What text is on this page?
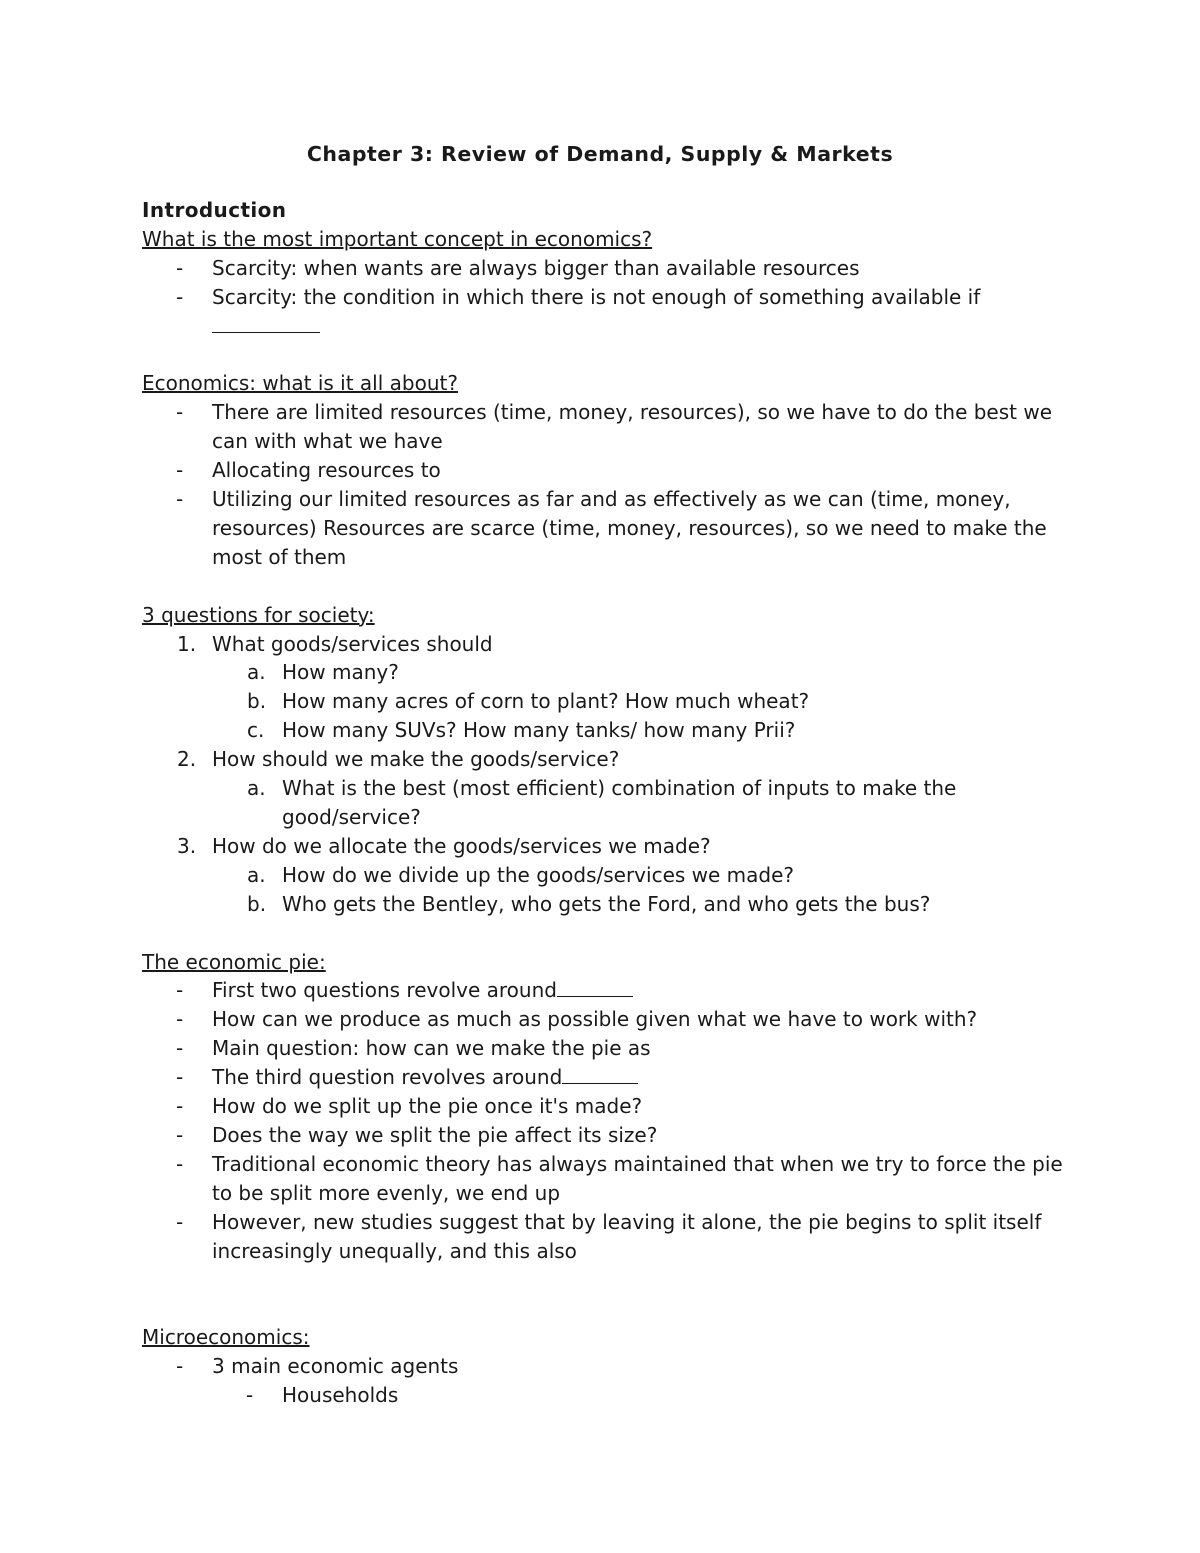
Chapter 3: Review of Demand, Supply & Markets

Introduction

What is the most important concept in economics?

- Scarcity: when wants are always bigger than available resources
- Scarcity: the condition in which there is not enough of something available if

Economics: what is it all about?

- There are limited resources (time, money, resources), so we have to do the best we can with what we have
- Allocating resources to
- Utilizing our limited resources as far and as effectively as we can (time, money, resources) Resources are scarce (time, money, resources), so we need to make the most of them

3 questions for society:

1. What goods/services should
a. How many?
b. How many acres of corn to plant? How much wheat?
c. How many SUVs? How many tanks/ how many Prii?
2. How should we make the goods/service?
a. What is the best (most efficient) combination of inputs to make the good/service?
3. How do we allocate the goods/services we made?
a. How do we divide up the goods/services we made?
b. Who gets the Bentley, who gets the Ford, and who gets the bus?

The economic pie:

- First two questions revolve around
- How can we produce as much as possible given what we have to work with?
- Main question: how can we make the pie as
- The third question revolves around
- How do we split up the pie once it's made?
- Does the way we split the pie affect its size?
- Traditional economic theory has always maintained that when we try to force the pie to be split more evenly, we end up
- However, new studies suggest that by leaving it alone, the pie begins to split itself increasingly unequally, and this also

Microeconomics:

- 3 main economic agents
- Households
